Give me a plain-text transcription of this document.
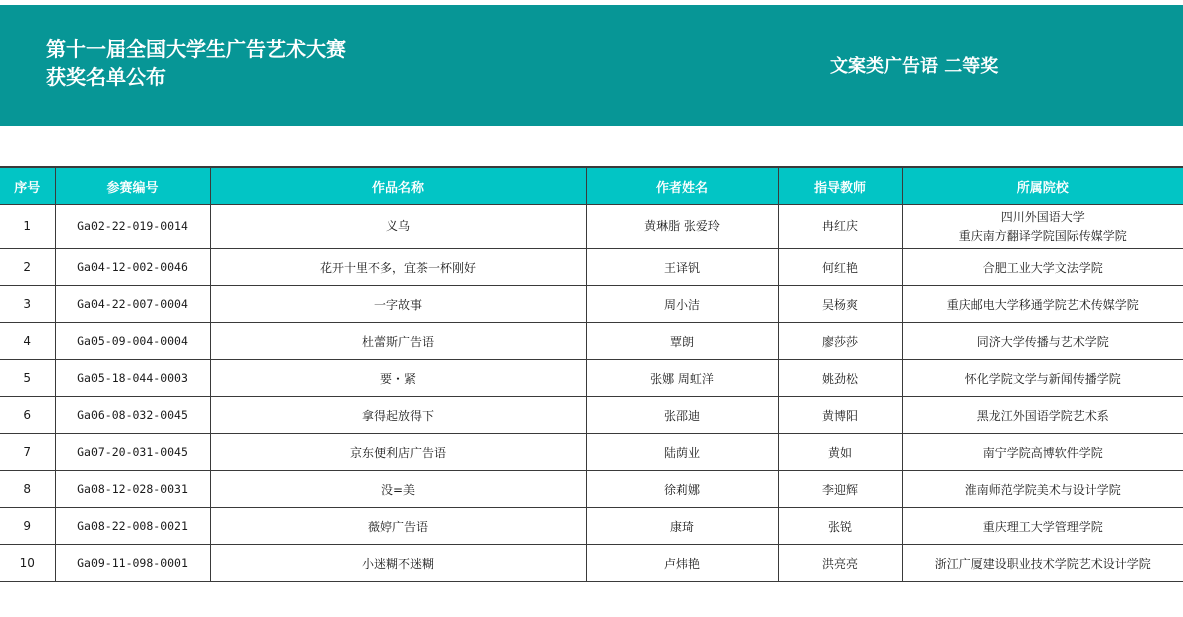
第十一届全国大学生广告艺术大赛
获奖名单公布	文案类广告语 二等奖
序号	参赛编号	作品名称	作者姓名	指导教师	所属院校
1	Ga02-22-019-0014	义乌	黄琳脂 张爱玲	冉红庆	四川外国语大学
重庆南方翻译学院国际传媒学院

2	Ga04-12-002-0046	花开十里不多，宜茶一杯刚好	王译钒	何红艳	合肥工业大学文法学院
3	Ga04-22-007-0004	一字故事	周小洁	吴杨爽	重庆邮电大学移通学院艺术传媒学院
4	Ga05-09-004-0004	杜蕾斯广告语	覃朗	廖莎莎	同济大学传播与艺术学院
5	Ga05-18-044-0003	要・紧	张娜 周虹洋	姚劲松	怀化学院文学与新闻传播学院
6	Ga06-08-032-0045	拿得起放得下	张邵迪	黄博阳	黑龙江外国语学院艺术系
7	Ga07-20-031-0045	京东便利店广告语	陆荫业	黄如	南宁学院高博软件学院
8	Ga08-12-028-0031	没=美	徐莉娜	李迎辉	淮南师范学院美术与设计学院
9	Ga08-22-008-0021	薇婷广告语	康琦	张锐	重庆理工大学管理学院
10	Ga09-11-098-0001	小迷糊不迷糊	卢炜艳	洪亮亮	浙江广厦建设职业技术学院艺术设计学院
